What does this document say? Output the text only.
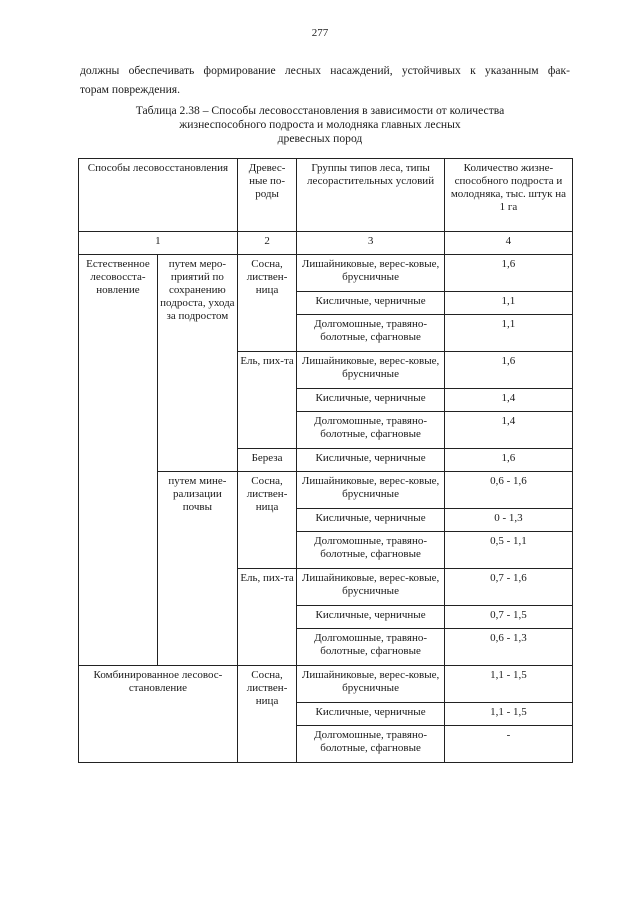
277
должны обеспечивать формирование лесных насаждений, устойчивых к указанным фак-
торам повреждения.
Таблица 2.38 – Способы лесовосстановления в зависимости от количества
жизнеспособного подроста и молодняка главных лесных
древесных пород
Способы лесовосстановления		Древес-ные по-роды	Группы типов леса, типы лесорастительных условий	Количество жизне-способного подроста и молодняка, тыс. штук на 1 га
1		2	3	4
Естественное лесовосста-новление	путем меро-приятий по сохранению подроста, ухода за подростом	Сосна, листвен-ница	Лишайниковые, верес-ковые, брусничные	1,6
			Кисличные, черничные	1,1
			Долгомошные, травяно-болотные, сфагновые	1,1
		Ель, пих-та	Лишайниковые, верес-ковые, брусничные	1,6
			Кисличные, черничные	1,4
			Долгомошные, травяно-болотные, сфагновые	1,4
		Береза	Кисличные, черничные	1,6
	путем мине-рализации почвы	Сосна, листвен-ница	Лишайниковые, верес-ковые, брусничные	0,6 - 1,6
			Кисличные, черничные	0 - 1,3
			Долгомошные, травяно-болотные, сфагновые	0,5 - 1,1
		Ель, пих-та	Лишайниковые, верес-ковые, брусничные	0,7 - 1,6
			Кисличные, черничные	0,7 - 1,5
			Долгомошные, травяно-болотные, сфагновые	0,6 - 1,3
Комбинированное лесовос-становление		Сосна, листвен-ница	Лишайниковые, верес-ковые, брусничные	1,1 - 1,5
			Кисличные, черничные	1,1 - 1,5
			Долгомошные, травяно-болотные, сфагновые	-
